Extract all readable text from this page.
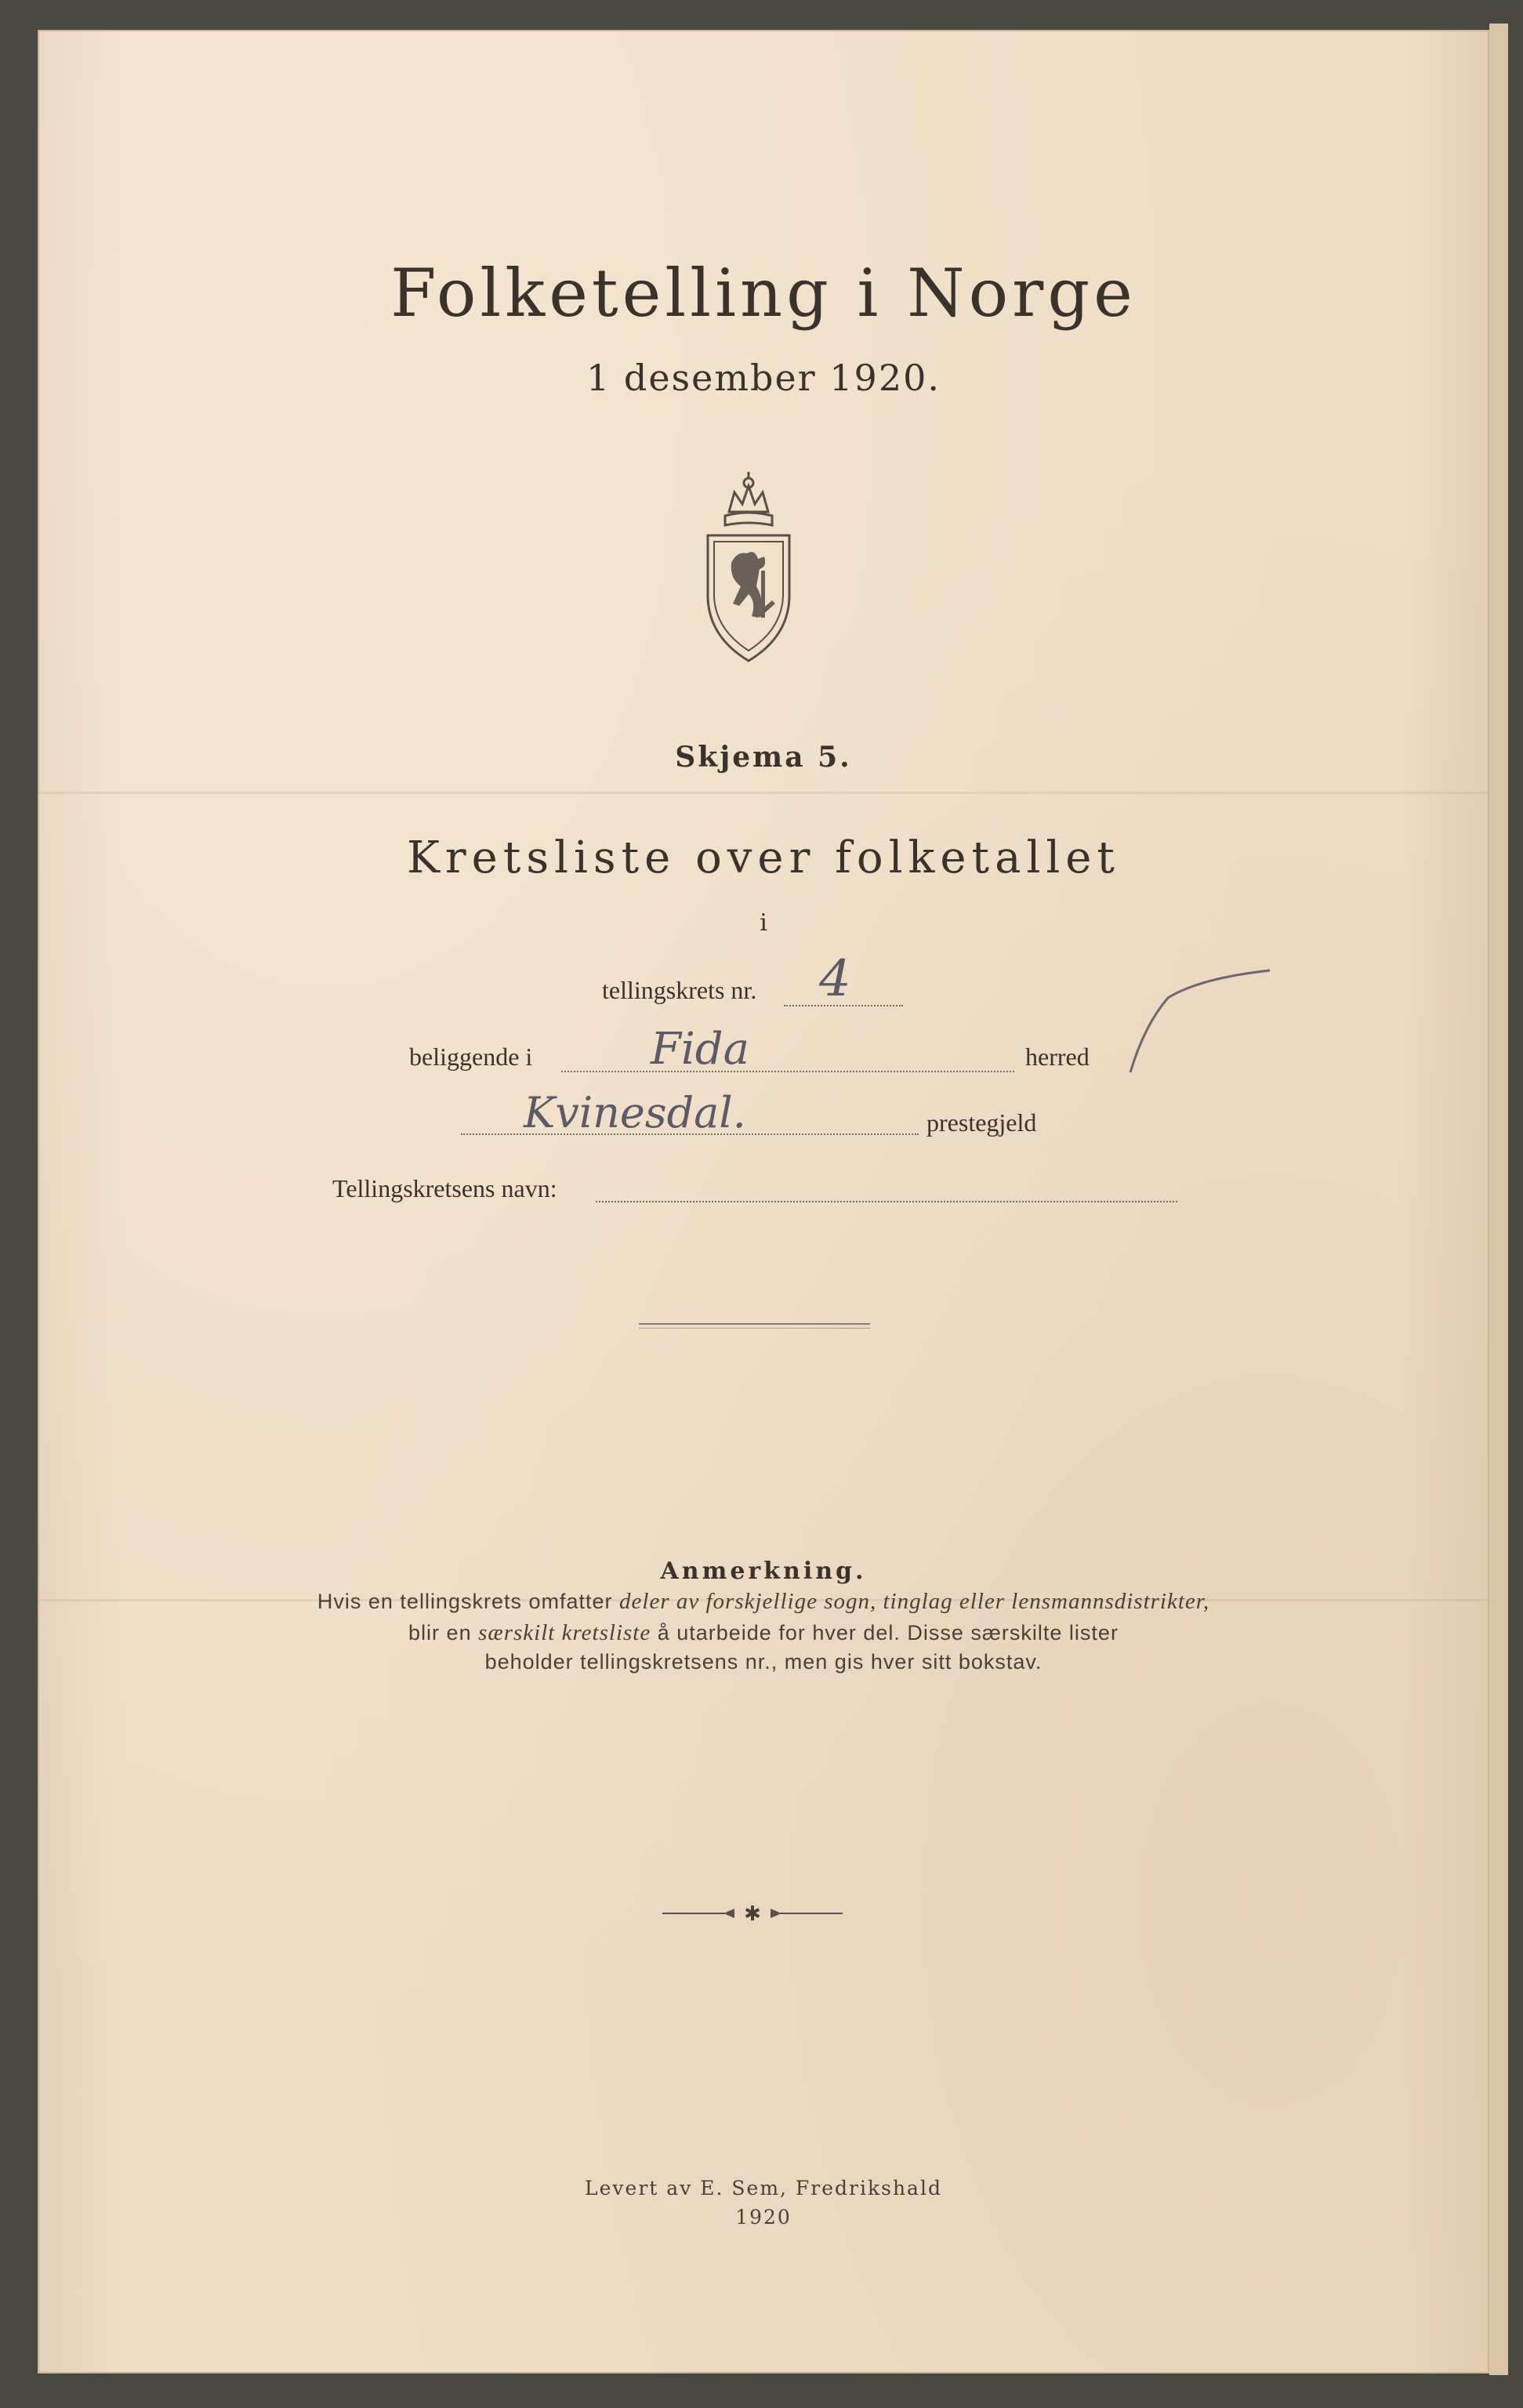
Folketelling i Norge
1 desember 1920.
Skjema 5.
Kretsliste over folketallet
i
tellingskrets nr. 4
beliggende i	Fida	herred
Kvinesdal.	prestegjeld
Tellingskretsens navn:
Anmerkning.
Hvis en tellingskrets omfatter deler av forskjellige sogn, tinglag eller lensmannsdistrikter,
blir en særskilt kretsliste å utarbeide for hver del. Disse særskilte lister
beholder tellingskretsens nr., men gis hver sitt bokstav.
✱
Levert av E. Sem, Fredrikshald
1920
